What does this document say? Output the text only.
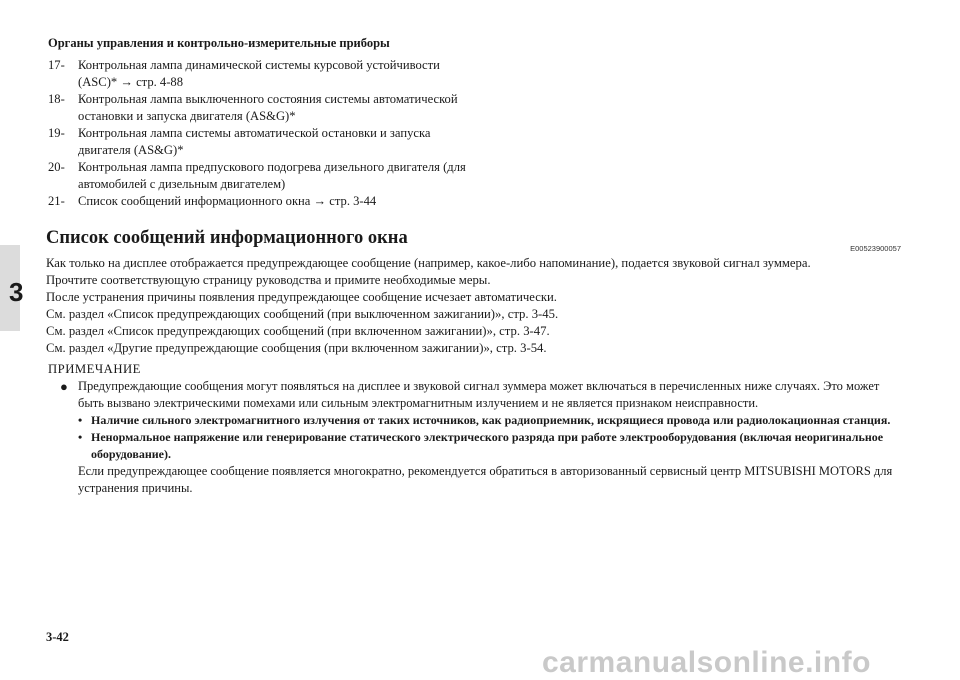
Органы управления и контрольно-измерительные приборы
17-	Контрольная лампа динамической системы курсовой устойчивости (ASC)* → стр. 4-88
18-	Контрольная лампа выключенного состояния системы автоматической остановки и запуска двигателя (AS&G)*
19-	Контрольная лампа системы автоматической остановки и запуска двигателя (AS&G)*
20-	Контрольная лампа предпускового подогрева дизельного двигателя (для автомобилей с дизельным двигателем)
21-	Список сообщений информационного окна → стр. 3-44
Список сообщений информационного окна
E00523900057
Как только на дисплее отображается предупреждающее сообщение (например, какое-либо напоминание), подается звуковой сигнал зуммера.
Прочтите соответствующую страницу руководства и примите необходимые меры.
После устранения причины появления предупреждающее сообщение исчезает автоматически.
См. раздел «Список предупреждающих сообщений (при выключенном зажигании)», стр. 3-45.
См. раздел «Список предупреждающих сообщений (при включенном зажигании)», стр. 3-47.
См. раздел «Другие предупреждающие сообщения (при включенном зажигании)», стр. 3-54.
3
ПРИМЕЧАНИЕ
● Предупреждающие сообщения могут появляться на дисплее и звуковой сигнал зуммера может включаться в перечисленных ниже случаях. Это может быть вызвано электрическими помехами или сильным электромагнитным излучением и не является признаком неисправности.
• Наличие сильного электромагнитного излучения от таких источников, как радиоприемник, искрящиеся провода или радиолокационная станция.
• Ненормальное напряжение или генерирование статического электрического разряда при работе электрооборудования (включая неоригинальное оборудование).
Если предупреждающее сообщение появляется многократно, рекомендуется обратиться в авторизованный сервисный центр MITSUBISHI MOTORS для устранения причины.
3-42
carmanualsonline.info
